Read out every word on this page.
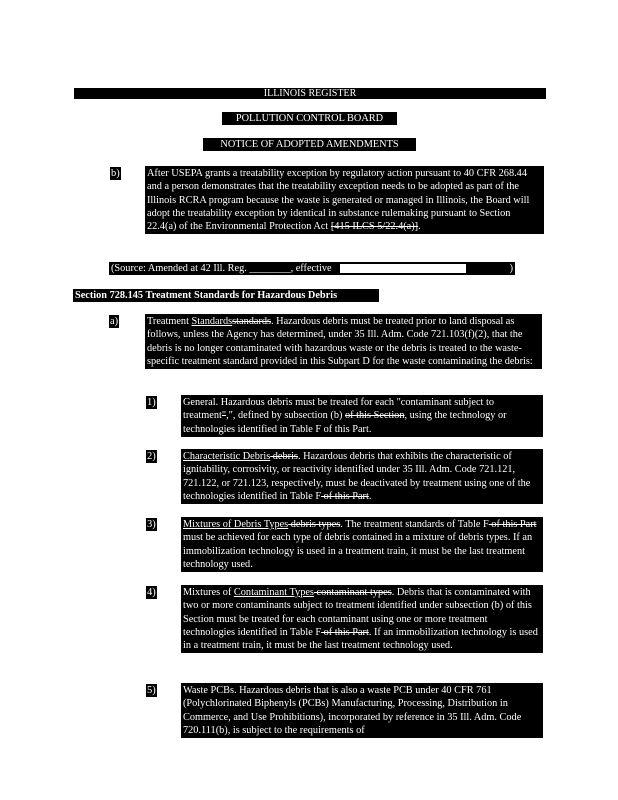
ILLINOIS REGISTER
POLLUTION CONTROL BOARD
NOTICE OF ADOPTED AMENDMENTS
b)	After USEPA grants a treatability exception by regulatory action pursuant to 40 CFR 268.44 and a person demonstrates that the treatability exception needs to be adopted as part of the Illinois RCRA program because the waste is generated or managed in Illinois, the Board will adopt the treatability exception by identical in substance rulemaking pursuant to Section 22.4(a) of the Environmental Protection Act [415 ILCS 5/22.4(a)].
(Source: Amended at 42 Ill. Reg. ________, effective	)
Section 728.145 Treatment Standards for Hazardous Debris
a)	Treatment Standardsstandards. Hazardous debris must be treated prior to land disposal as follows, unless the Agency has determined, under 35 Ill. Adm. Code 721.103(f)(2), that the debris is no longer contaminated with hazardous waste or the debris is treated to the waste-specific treatment standard provided in this Subpart D for the waste contaminating the debris:
1)	General. Hazardous debris must be treated for each "contaminant subject to treatment",", defined by subsection (b) of this Section, using the technology or technologies identified in Table F of this Part.
2)	Characteristic Debris debris. Hazardous debris that exhibits the characteristic of ignitability, corrosivity, or reactivity identified under 35 Ill. Adm. Code 721.121, 721.122, or 721.123, respectively, must be deactivated by treatment using one of the technologies identified in Table F of this Part.
3)	Mixtures of Debris Types debris types. The treatment standards of Table F of this Part must be achieved for each type of debris contained in a mixture of debris types. If an immobilization technology is used in a treatment train, it must be the last treatment technology used.
4)	Mixtures of Contaminant Types contaminant types. Debris that is contaminated with two or more contaminants subject to treatment identified under subsection (b) of this Section must be treated for each contaminant using one or more treatment technologies identified in Table F of this Part. If an immobilization technology is used in a treatment train, it must be the last treatment technology used.
5)	Waste PCBs. Hazardous debris that is also a waste PCB under 40 CFR 761 (Polychlorinated Biphenyls (PCBs) Manufacturing, Processing, Distribution in Commerce, and Use Prohibitions), incorporated by reference in 35 Ill. Adm. Code 720.111(b), is subject to the requirements of
